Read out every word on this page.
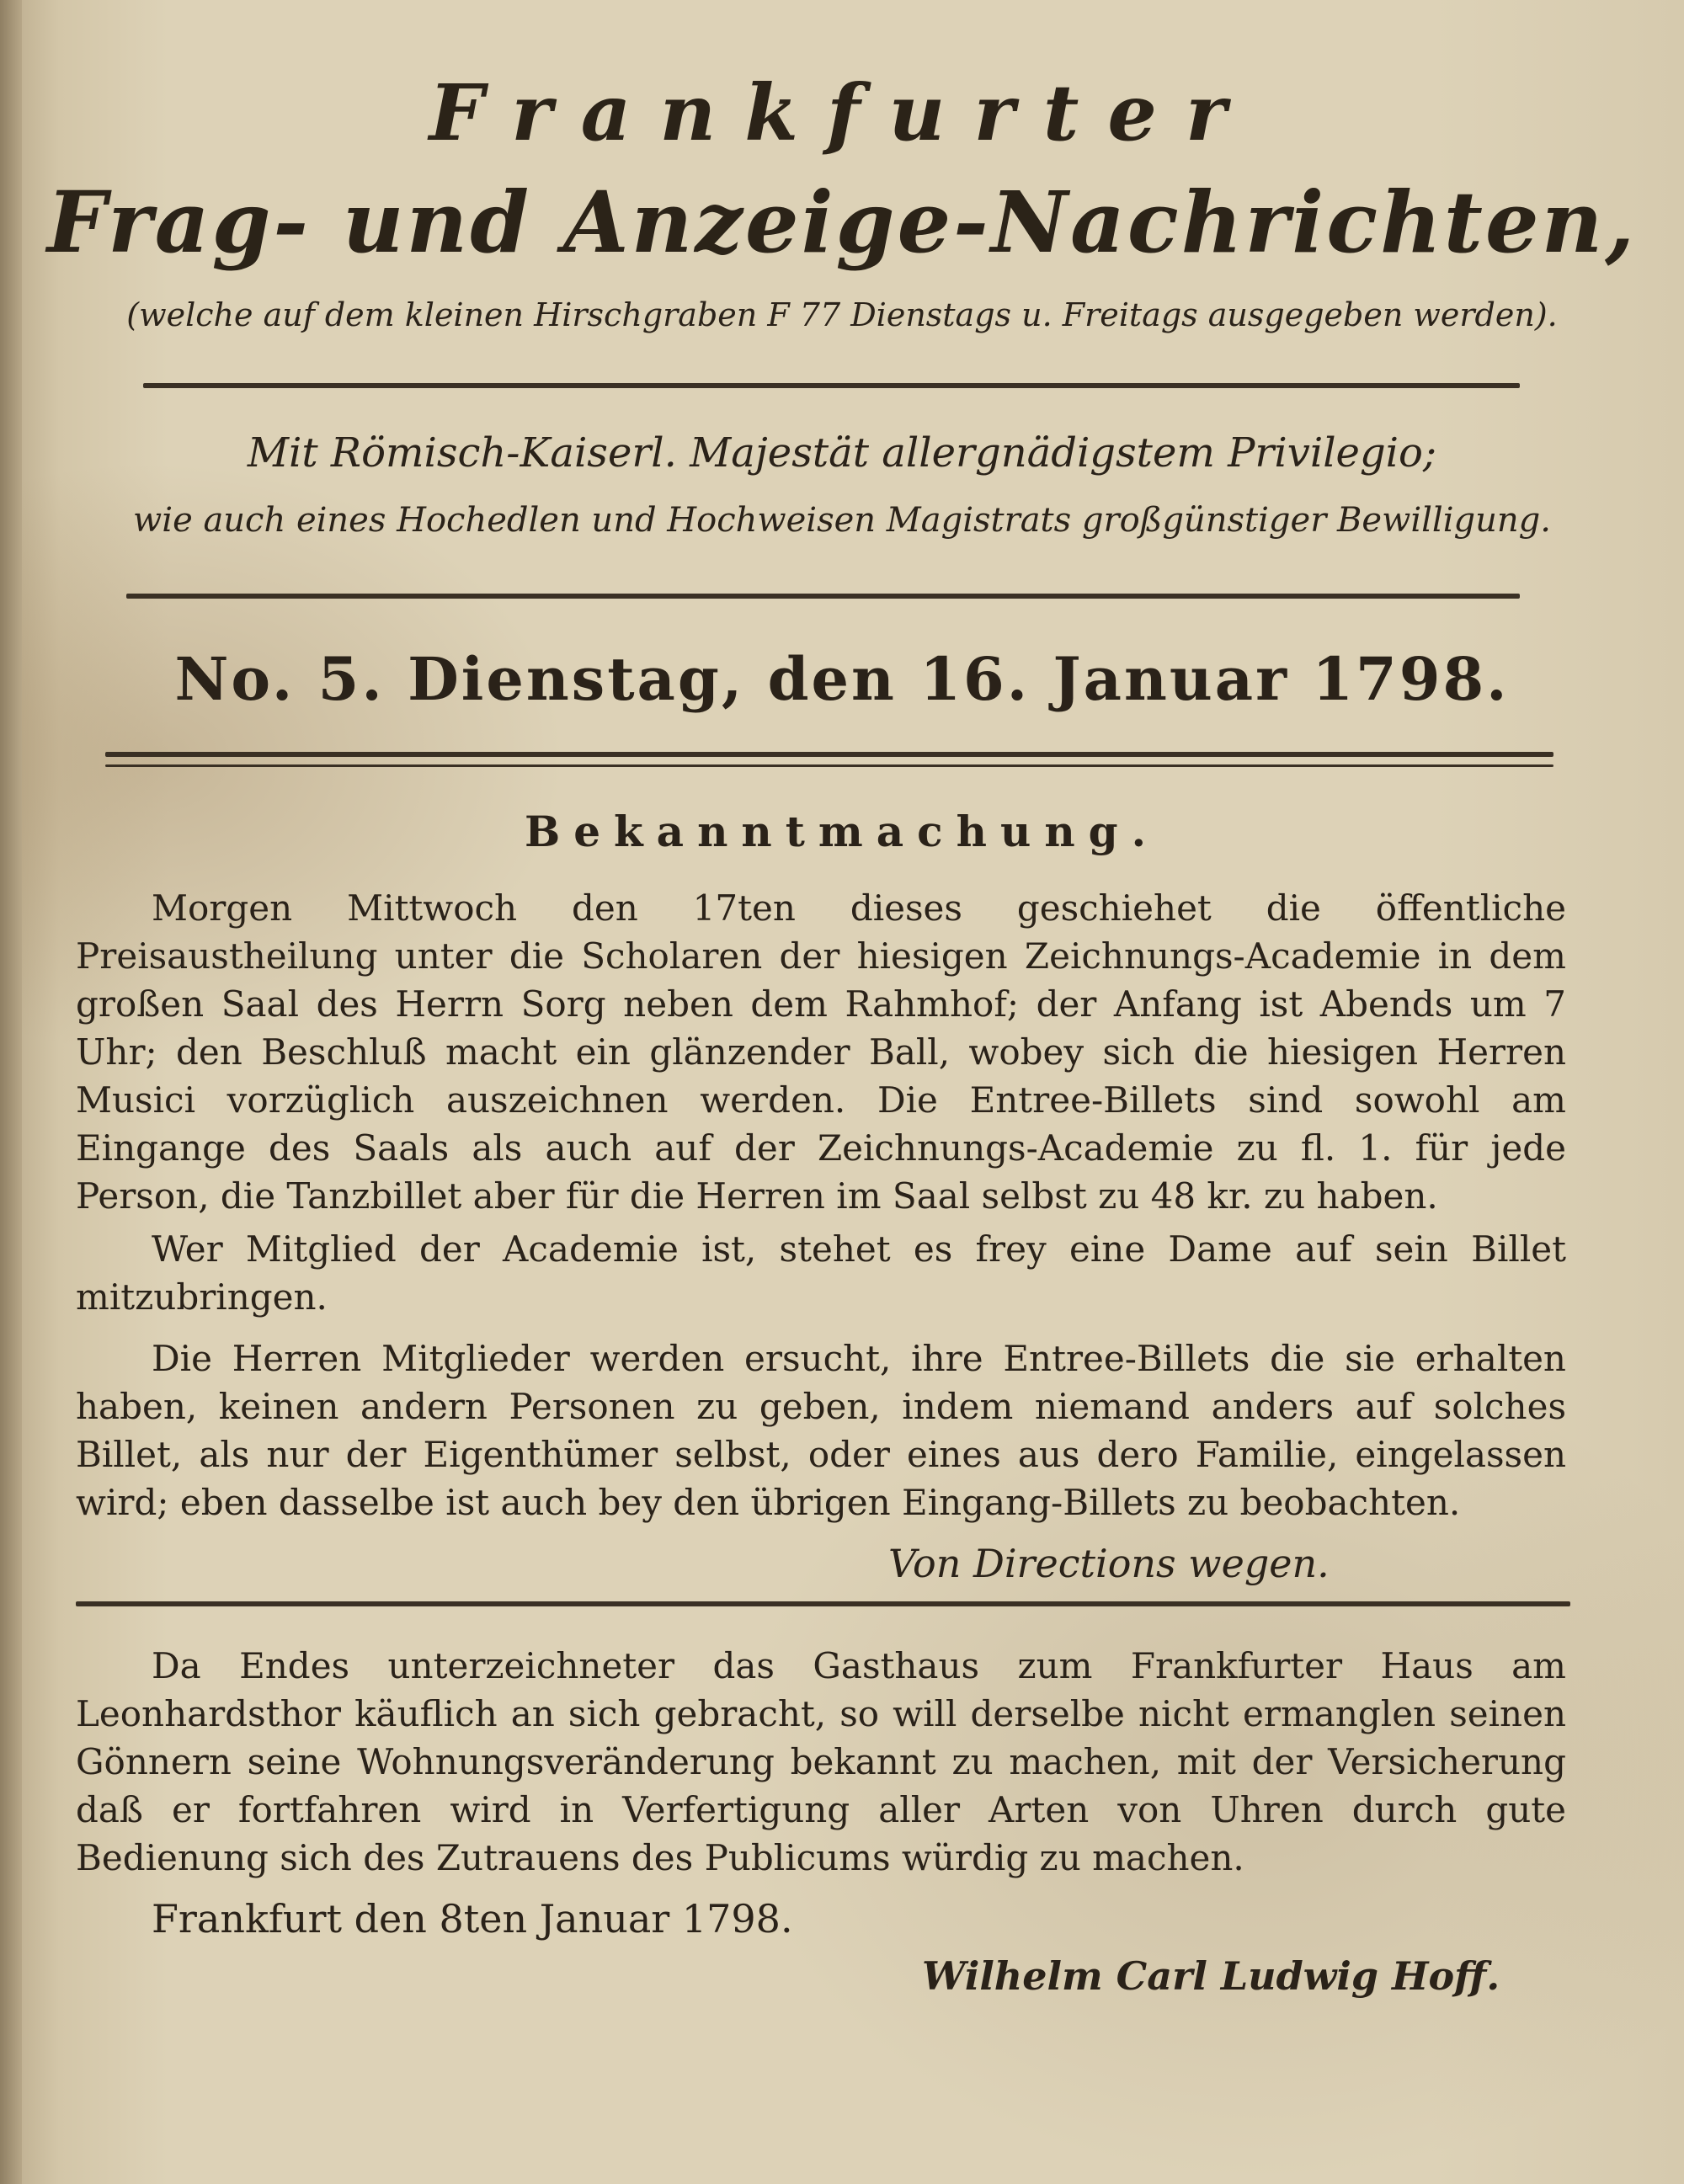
Frankfurter
Frag- und Anzeige-Nachrichten,
(welche auf dem kleinen Hirschgraben F 77 Dienstags u. Freitags ausgegeben werden).
Mit Römisch-Kaiserl. Majestät allergnädigstem Privilegio;
wie auch eines Hochedlen und Hochweisen Magistrats großgünstiger Bewilligung.
No. 5. Dienstag, den 16. Januar 1798.
Bekanntmachung.
Morgen Mittwoch den 17ten dieses geschiehet die öffentliche Preisaustheilung unter die Scholaren der hiesigen Zeichnungs-Academie in dem großen Saal des Herrn Sorg neben dem Rahmhof; der Anfang ist Abends um 7 Uhr; den Beschluß macht ein glänzender Ball, wobey sich die hiesigen Herren Musici vorzüglich auszeichnen werden. Die Entree-Billets sind sowohl am Eingange des Saals als auch auf der Zeichnungs-Academie zu fl. 1. für jede Person, die Tanzbillet aber für die Herren im Saal selbst zu 48 kr. zu haben.
Wer Mitglied der Academie ist, stehet es frey eine Dame auf sein Billet mitzubringen.
Die Herren Mitglieder werden ersucht, ihre Entree-Billets die sie erhalten haben, keinen andern Personen zu geben, indem niemand anders auf solches Billet, als nur der Eigenthümer selbst, oder eines aus dero Familie, eingelassen wird; eben dasselbe ist auch bey den übrigen Eingang-Billets zu beobachten.
Von Directions wegen.
Da Endes unterzeichneter das Gasthaus zum Frankfurter Haus am Leonhardsthor käuflich an sich gebracht, so will derselbe nicht ermanglen seinen Gönnern seine Wohnungsveränderung bekannt zu machen, mit der Versicherung daß er fortfahren wird in Verfertigung aller Arten von Uhren durch gute Bedienung sich des Zutrauens des Publicums würdig zu machen.
Frankfurt den 8ten Januar 1798.
Wilhelm Carl Ludwig Hoff.
